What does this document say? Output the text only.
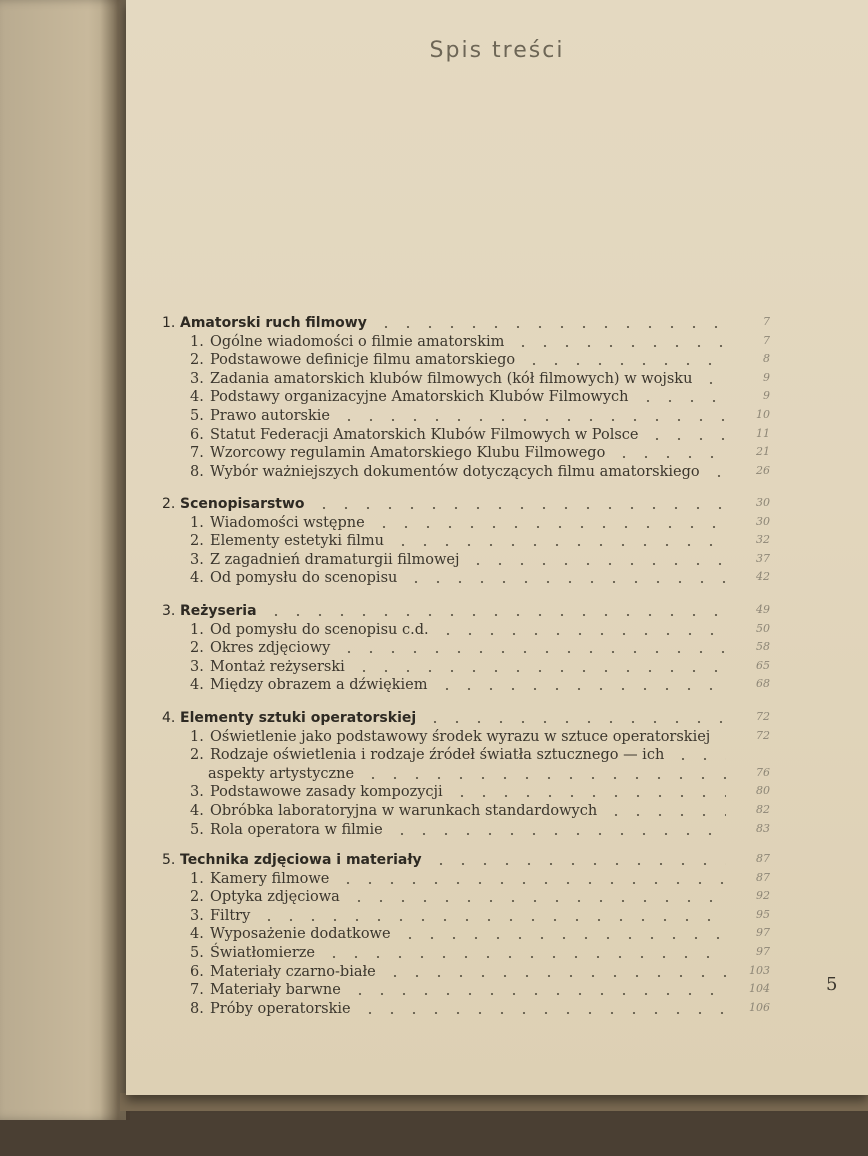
Spis treści
1. Amatorski ruch filmowy	7
1. Ogólne wiadomości o filmie amatorskim	7
2. Podstawowe definicje filmu amatorskiego	8
3. Zadania amatorskich klubów filmowych (kół filmowych) w wojsku	9
4. Podstawy organizacyjne Amatorskich Klubów Filmowych	9
5. Prawo autorskie	10
6. Statut Federacji Amatorskich Klubów Filmowych w Polsce	11
7. Wzorcowy regulamin Amatorskiego Klubu Filmowego	21
8. Wybór ważniejszych dokumentów dotyczących filmu amatorskiego	26
2. Scenopisarstwo	30
1. Wiadomości wstępne	30
2. Elementy estetyki filmu	32
3. Z zagadnień dramaturgii filmowej	37
4. Od pomysłu do scenopisu	42
3. Reżyseria	49
1. Od pomysłu do scenopisu c.d.	50
2. Okres zdjęciowy	58
3. Montaż reżyserski	65
4. Między obrazem a dźwiękiem	68
4. Elementy sztuki operatorskiej	72
1. Oświetlenie jako podstawowy środek wyrazu w sztuce operatorskiej	72
2. Rodzaje oświetlenia i rodzaje źródeł światła sztucznego — ich
aspekty artystyczne	76
3. Podstawowe zasady kompozycji	80
4. Obróbka laboratoryjna w warunkach standardowych	82
5. Rola operatora w filmie	83
5. Technika zdjęciowa i materiały	87
1. Kamery filmowe	87
2. Optyka zdjęciowa	92
3. Filtry	95
4. Wyposażenie dodatkowe	97
5. Światłomierze	97
6. Materiały czarno-białe	103
7. Materiały barwne	104
8. Próby operatorskie	106
5
